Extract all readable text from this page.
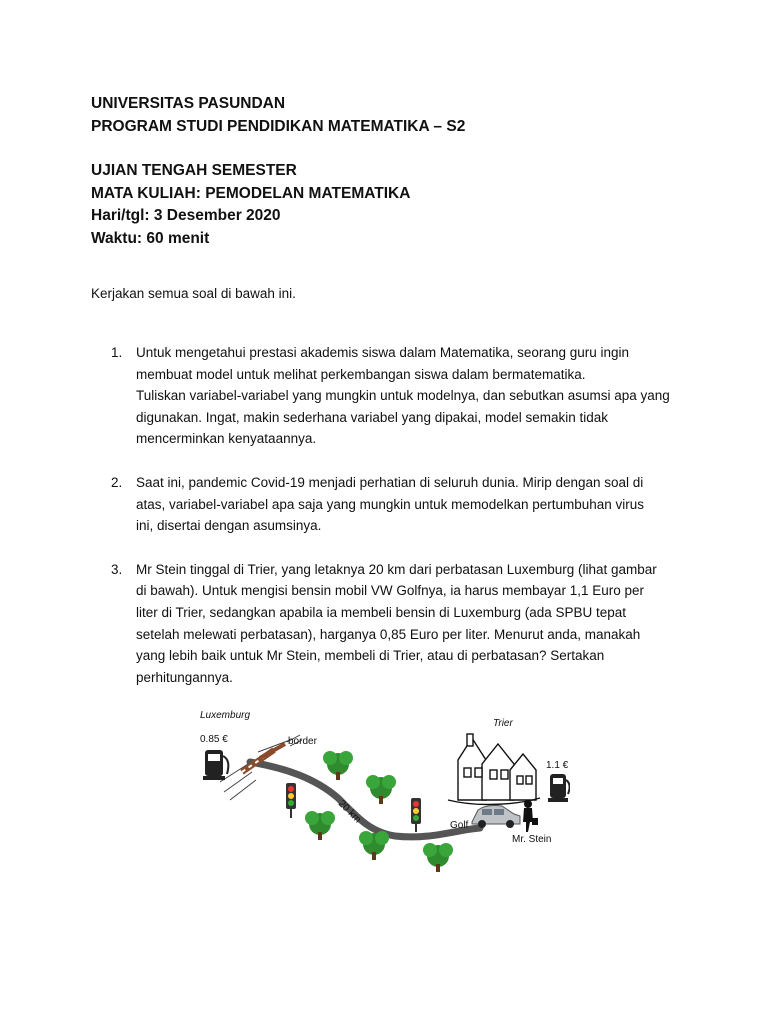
UNIVERSITAS PASUNDAN

PROGRAM STUDI PENDIDIKAN MATEMATIKA – S2

UJIAN TENGAH SEMESTER

MATA KULIAH: PEMODELAN MATEMATIKA

Hari/tgl: 3 Desember 2020

Waktu: 60 menit

Kerjakan semua soal di bawah ini.

1. Untuk mengetahui prestasi akademis siswa dalam Matematika, seorang guru ingin
membuat model untuk melihat perkembangan siswa dalam bermatematika.
Tuliskan variabel-variabel yang mungkin untuk modelnya, dan sebutkan asumsi apa yang
digunakan. Ingat, makin sederhana variabel yang dipakai, model semakin tidak
mencerminkan kenyataannya.
2. Saat ini, pandemic Covid-19 menjadi perhatian di seluruh dunia. Mirip dengan soal di
atas, variabel-variabel apa saja yang mungkin untuk memodelkan pertumbuhan virus
ini, disertai dengan asumsinya.
3. Mr Stein tinggal di Trier, yang letaknya 20 km dari perbatasan Luxemburg (lihat gambar
di bawah). Untuk mengisi bensin mobil VW Golfnya, ia harus membayar 1,1 Euro per
liter di Trier, sedangkan apabila ia membeli bensin di Luxemburg (ada SPBU tepat
setelah melewati perbatasan), harganya 0,85 Euro per liter. Menurut anda, manakah
yang lebih baik untuk Mr Stein, membeli di Trier, atau di perbatasan? Sertakan
perhitungannya.
border
Luxemburg
Trier
0.85 €
1.1 €
20 km
Golf
Mr. Stein
